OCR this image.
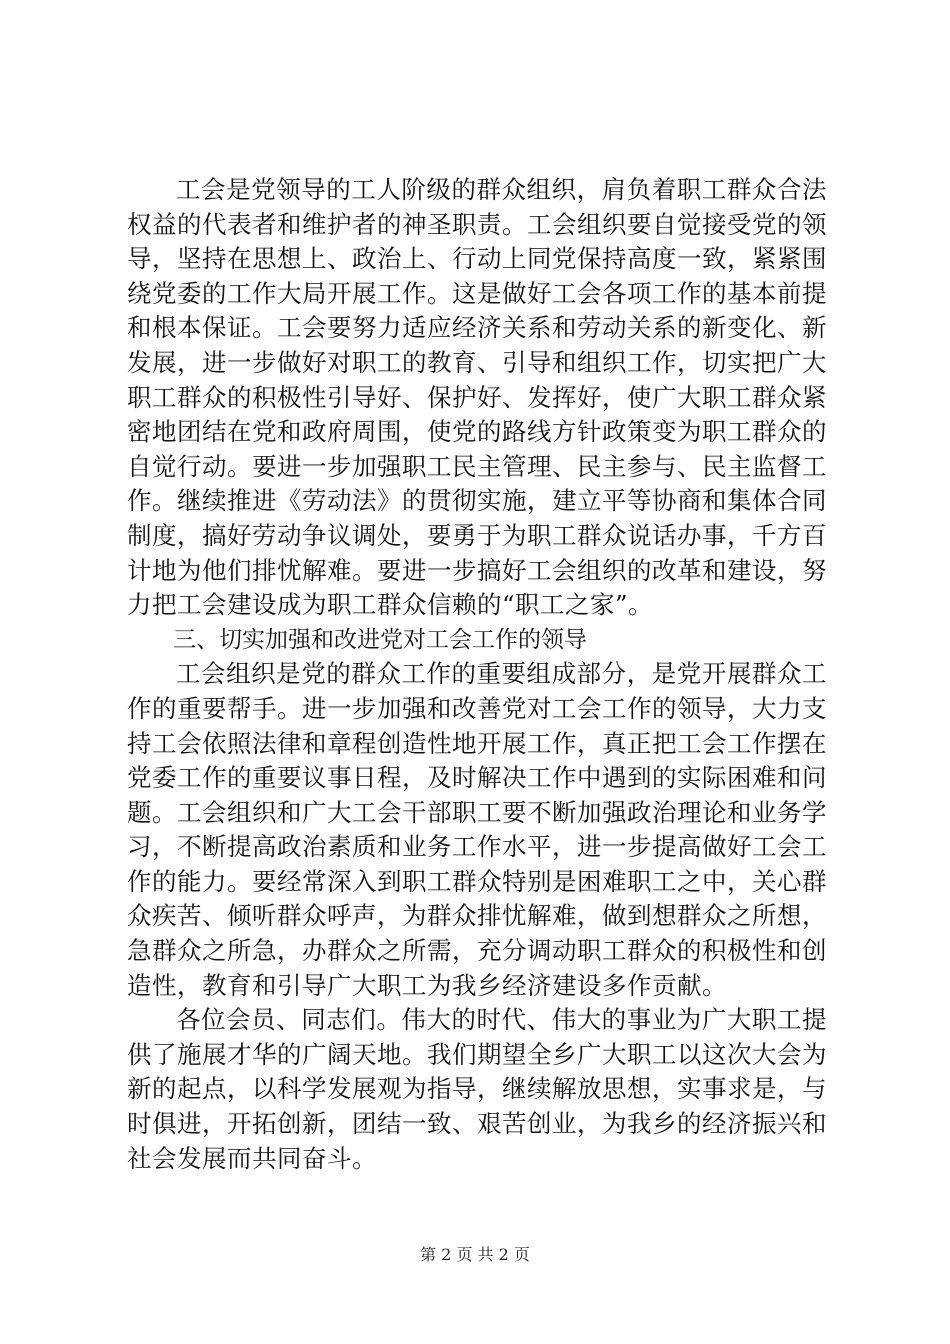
工会是党领导的工人阶级的群众组织，肩负着职工群众合法权益的代表者和维护者的神圣职责。工会组织要自觉接受党的领导，坚持在思想上、政治上、行动上同党保持高度一致，紧紧围绕党委的工作大局开展工作。这是做好工会各项工作的基本前提和根本保证。工会要努力适应经济关系和劳动关系的新变化、新发展，进一步做好对职工的教育、引导和组织工作，切实把广大职工群众的积极性引导好、保护好、发挥好，使广大职工群众紧密地团结在党和政府周围，使党的路线方针政策变为职工群众的自觉行动。要进一步加强职工民主管理、民主参与、民主监督工作。继续推进《劳动法》的贯彻实施，建立平等协商和集体合同制度，搞好劳动争议调处，要勇于为职工群众说话办事，千方百计地为他们排忧解难。要进一步搞好工会组织的改革和建设，努力把工会建设成为职工群众信赖的“职工之家”。

三、切实加强和改进党对工会工作的领导

工会组织是党的群众工作的重要组成部分，是党开展群众工作的重要帮手。进一步加强和改善党对工会工作的领导，大力支持工会依照法律和章程创造性地开展工作，真正把工会工作摆在党委工作的重要议事日程，及时解决工作中遇到的实际困难和问题。工会组织和广大工会干部职工要不断加强政治理论和业务学习，不断提高政治素质和业务工作水平，进一步提高做好工会工作的能力。要经常深入到职工群众特别是困难职工之中，关心群众疾苦、倾听群众呼声，为群众排忧解难，做到想群众之所想，急群众之所急，办群众之所需，充分调动职工群众的积极性和创造性，教育和引导广大职工为我乡经济建设多作贡献。

各位会员、同志们。伟大的时代、伟大的事业为广大职工提供了施展才华的广阔天地。我们期望全乡广大职工以这次大会为新的起点，以科学发展观为指导，继续解放思想，实事求是，与时俱进，开拓创新，团结一致、艰苦创业，为我乡的经济振兴和社会发展而共同奋斗。

第 2 页 共 2 页
